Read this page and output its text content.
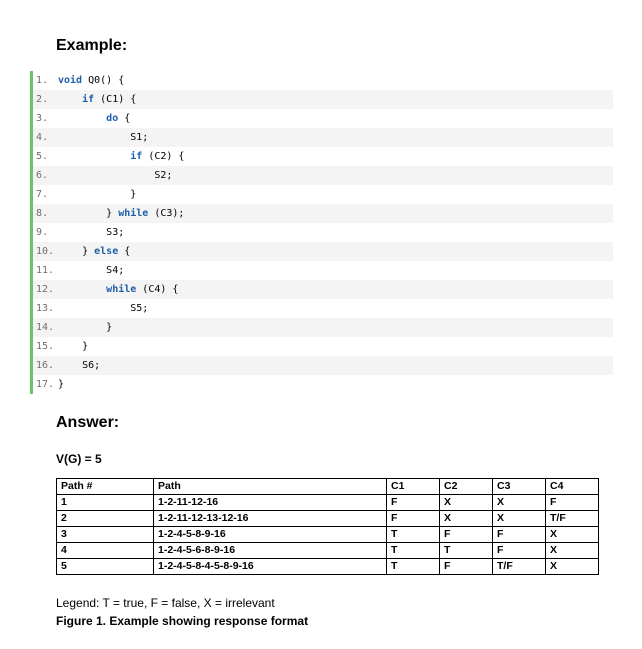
Example:
1. void Q0() {
2.	if (C1) {
3.	do {
4.	S1;
5.	if (C2) {
6.	S2;
7.	}
8.	} while (C3);
9.	S3;
10.	} else {
11.	S4;
12.	while (C4) {
13.	S5;
14.	}
15.	}
16.	S6;
17. }
Answer:
V(G) = 5
Path #	Path	C1	C2	C3	C4
1	1-2-11-12-16	F	X	X	F
2	1-2-11-12-13-12-16	F	X	X	T/F
3	1-2-4-5-8-9-16	T	F	F	X
4	1-2-4-5-6-8-9-16	T	T	F	X
5	1-2-4-5-8-4-5-8-9-16	T	F	T/F	X
Legend: T = true, F = false, X = irrelevant
Figure 1. Example showing response format
